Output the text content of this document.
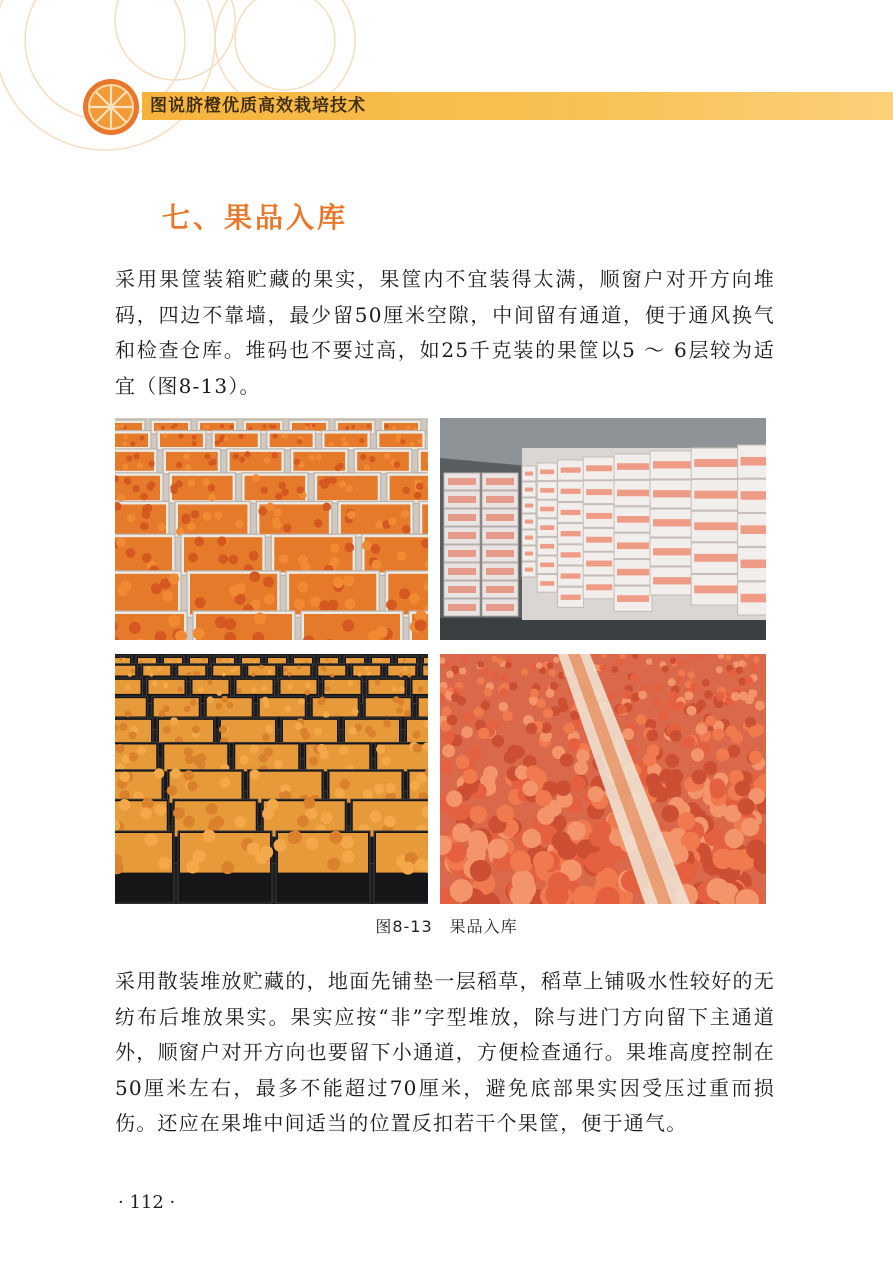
图说脐橙优质高效栽培技术
七、果品入库

采用果筐装箱贮藏的果实，果筐内不宜装得太满，顺窗户对开方向堆码，四边不靠墙，最少留50厘米空隙，中间留有通道，便于通风换气和检查仓库。堆码也不要过高，如25千克装的果筐以5 ～ 6层较为适宜（图8-13）。

图8-13　果品入库

采用散装堆放贮藏的，地面先铺垫一层稻草，稻草上铺吸水性较好的无纺布后堆放果实。果实应按“非”字型堆放，除与进门方向留下主通道外，顺窗户对开方向也要留下小通道，方便检查通行。果堆高度控制在50厘米左右，最多不能超过70厘米，避免底部果实因受压过重而损伤。还应在果堆中间适当的位置反扣若干个果筐，便于通气。

· 112 ·
